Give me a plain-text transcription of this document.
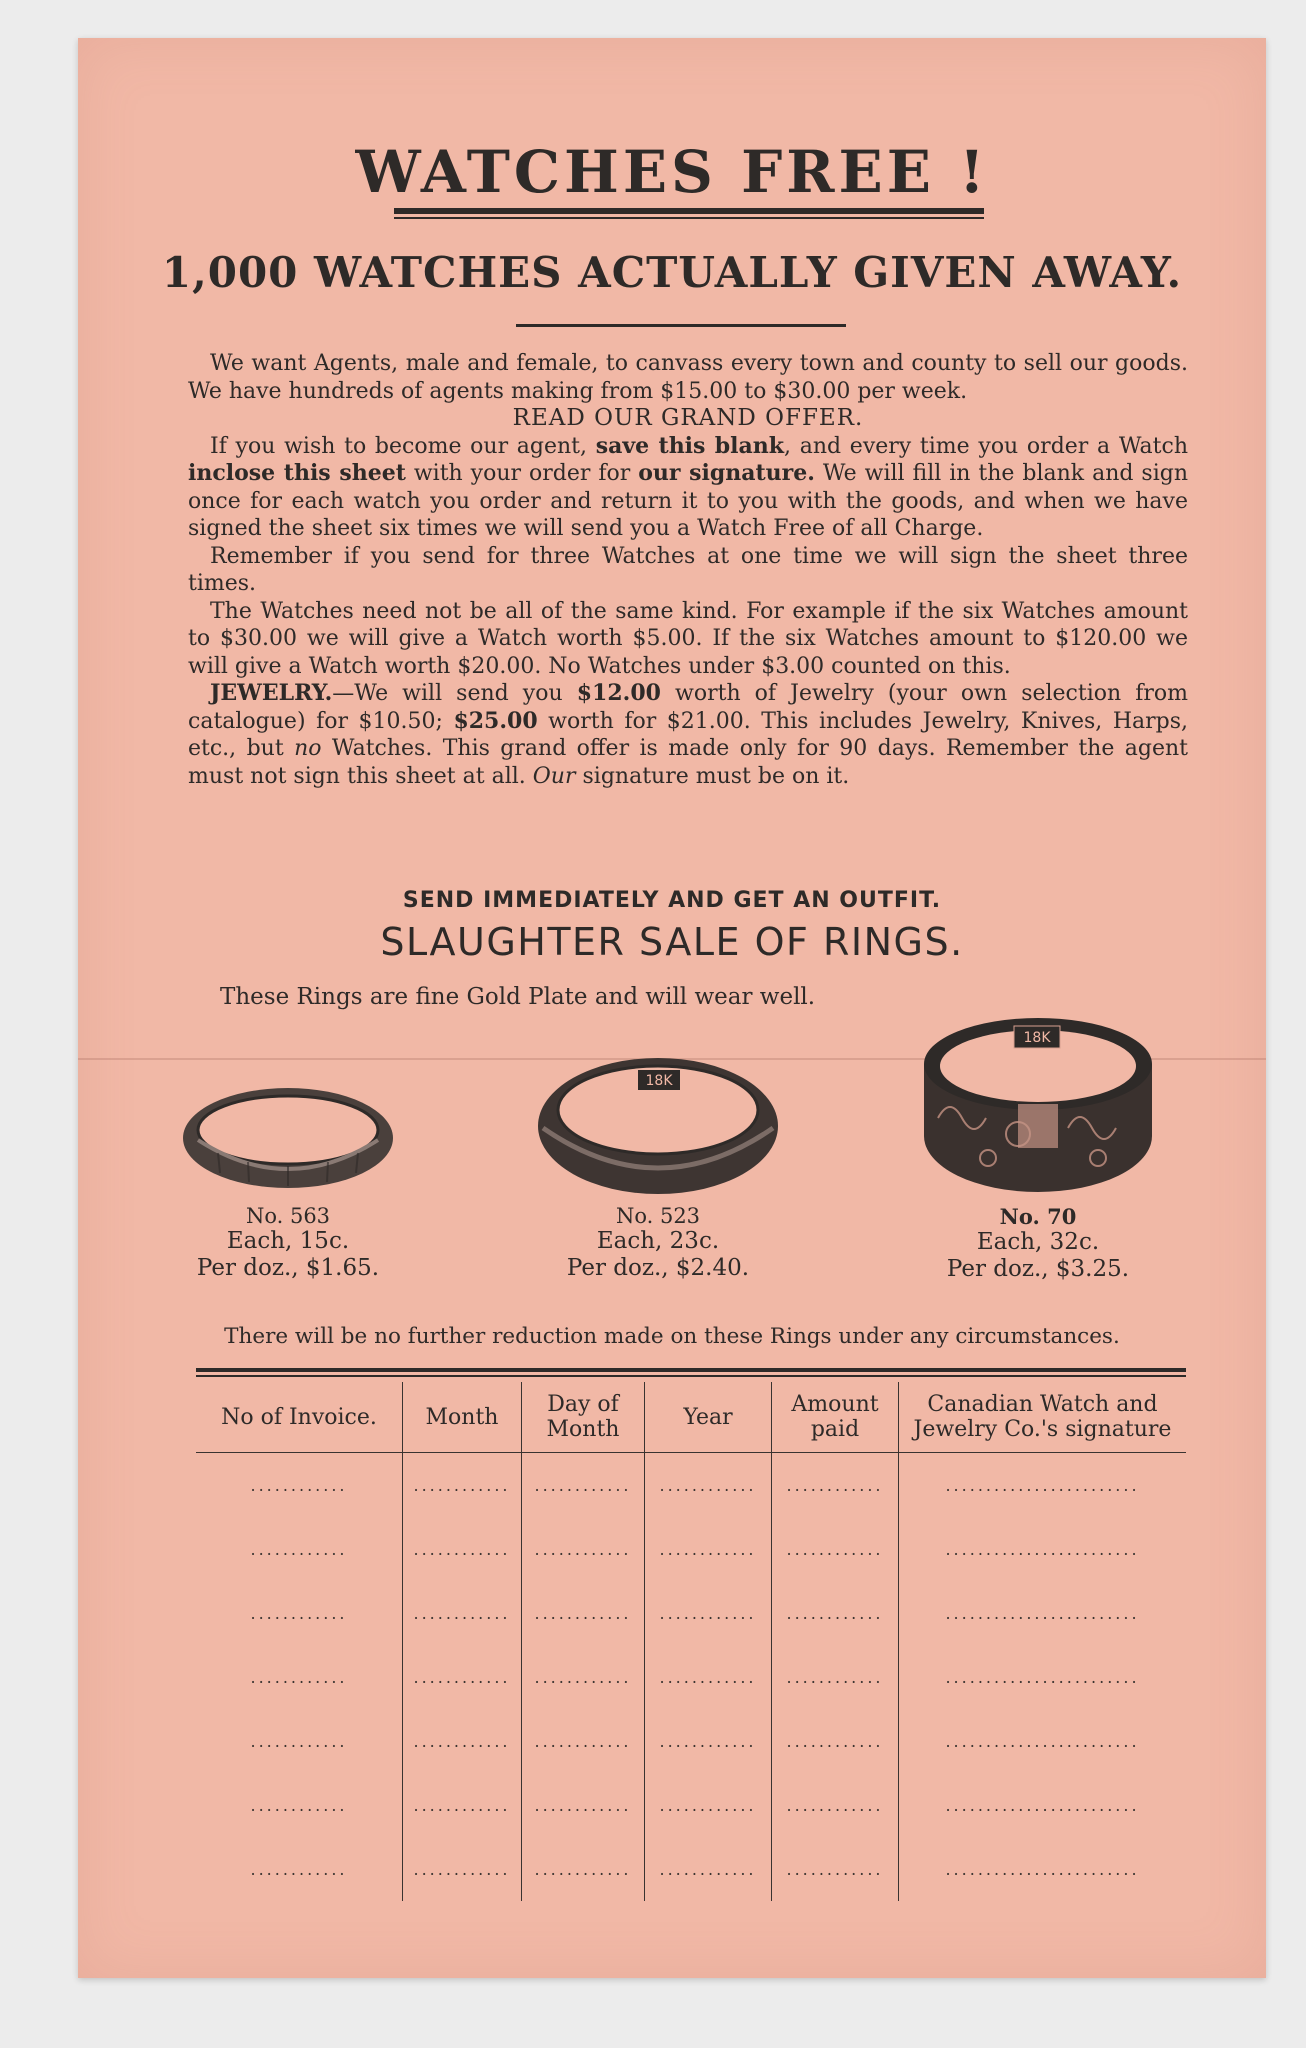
WATCHES FREE !
1,000 WATCHES ACTUALLY GIVEN AWAY.

We want Agents, male and female, to canvass every town and county to sell our goods. We have hundreds of agents making from $15.00 to $30.00 per week.

READ OUR GRAND OFFER.

If you wish to become our agent, save this blank, and every time you order a Watch inclose this sheet with your order for our signature. We will fill in the blank and sign once for each watch you order and return it to you with the goods, and when we have signed the sheet six times we will send you a Watch Free of all Charge.

Remember if you send for three Watches at one time we will sign the sheet three times.

The Watches need not be all of the same kind. For example if the six Watches amount to $30.00 we will give a Watch worth $5.00. If the six Watches amount to $120.00 we will give a Watch worth $20.00. No Watches under $3.00 counted on this.

JEWELRY.—We will send you $12.00 worth of Jewelry (your own selection from catalogue) for $10.50; $25.00 worth for $21.00. This includes Jewelry, Knives, Harps, etc., but no Watches. This grand offer is made only for 90 days. Remember the agent must not sign this sheet at all. Our signature must be on it.

SEND IMMEDIATELY AND GET AN OUTFIT.
SLAUGHTER SALE OF RINGS.
These Rings are fine Gold Plate and will wear well.
No. 563
Each, 15c.
Per doz., $1.65.
18K
No. 523
Each, 23c.
Per doz., $2.40.
18K
No. 70
Each, 32c.
Per doz., $3.25.
There will be no further reduction made on these Rings under any circumstances.
No of Invoice.	Month	Day of Month	Year	Amount paid	Canadian Watch and Jewelry Co.'s signature
............	............	............	............	............	........................
............	............	............	............	............	........................
............	............	............	............	............	........................
............	............	............	............	............	........................
............	............	............	............	............	........................
............	............	............	............	............	........................
............	............	............	............	............	........................
